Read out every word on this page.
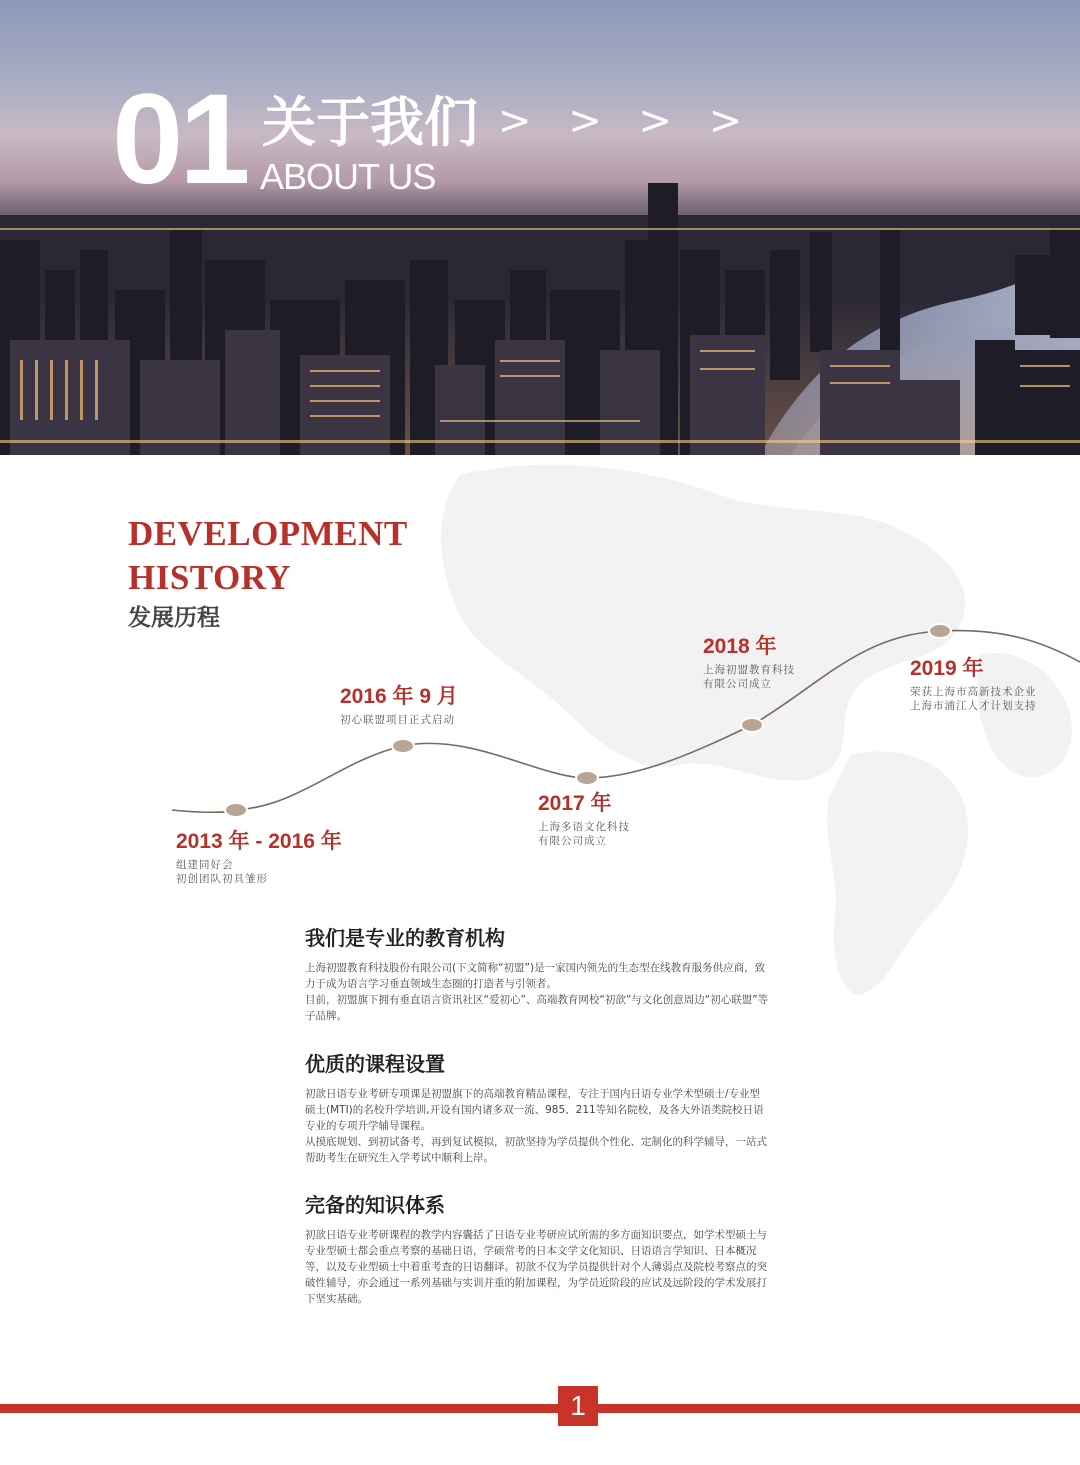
01 关于我们
ABOUT US
> > > >
DEVELOPMENT
HISTORY
发展历程
2013 年 - 2016 年
组建同好会
初创团队初具雏形
2016 年 9 月
初心联盟项目正式启动
2017 年
上海多语文化科技
有限公司成立
2018 年
上海初盟教育科技
有限公司成立
2019 年
荣获上海市高新技术企业
上海市浦江人才计划支持
我们是专业的教育机构

上海初盟教育科技股份有限公司(下文简称“初盟”)是一家国内领先的生态型在线教育服务供应商，致力于成为语言学习垂直领域生态圈的打造者与引领者。

目前，初盟旗下拥有垂直语言资讯社区“爱初心”、高端教育网校“初歆”与文化创意周边“初心联盟”等子品牌。

优质的课程设置

初歆日语专业考研专项课是初盟旗下的高端教育精品课程，专注于国内日语专业学术型硕士/专业型硕士(MTI)的名校升学培训,开设有国内诸多双一流、985、211等知名院校，及各大外语类院校日语专业的专项升学辅导课程。

从摸底规划、到初试备考，再到复试模拟，初歆坚持为学员提供个性化、定制化的科学辅导，一站式帮助考生在研究生入学考试中顺利上岸。

完备的知识体系

初歆日语专业考研课程的教学内容囊括了日语专业考研应试所需的多方面知识要点，如学术型硕士与专业型硕士都会重点考察的基础日语，学硕常考的日本文学文化知识、日语语言学知识、日本概况等，以及专业型硕士中着重考查的日语翻译。初歆不仅为学员提供针对个人薄弱点及院校考察点的突破性辅导，亦会通过一系列基础与实训并重的附加课程，为学员近阶段的应试及远阶段的学术发展打下坚实基础。

1
